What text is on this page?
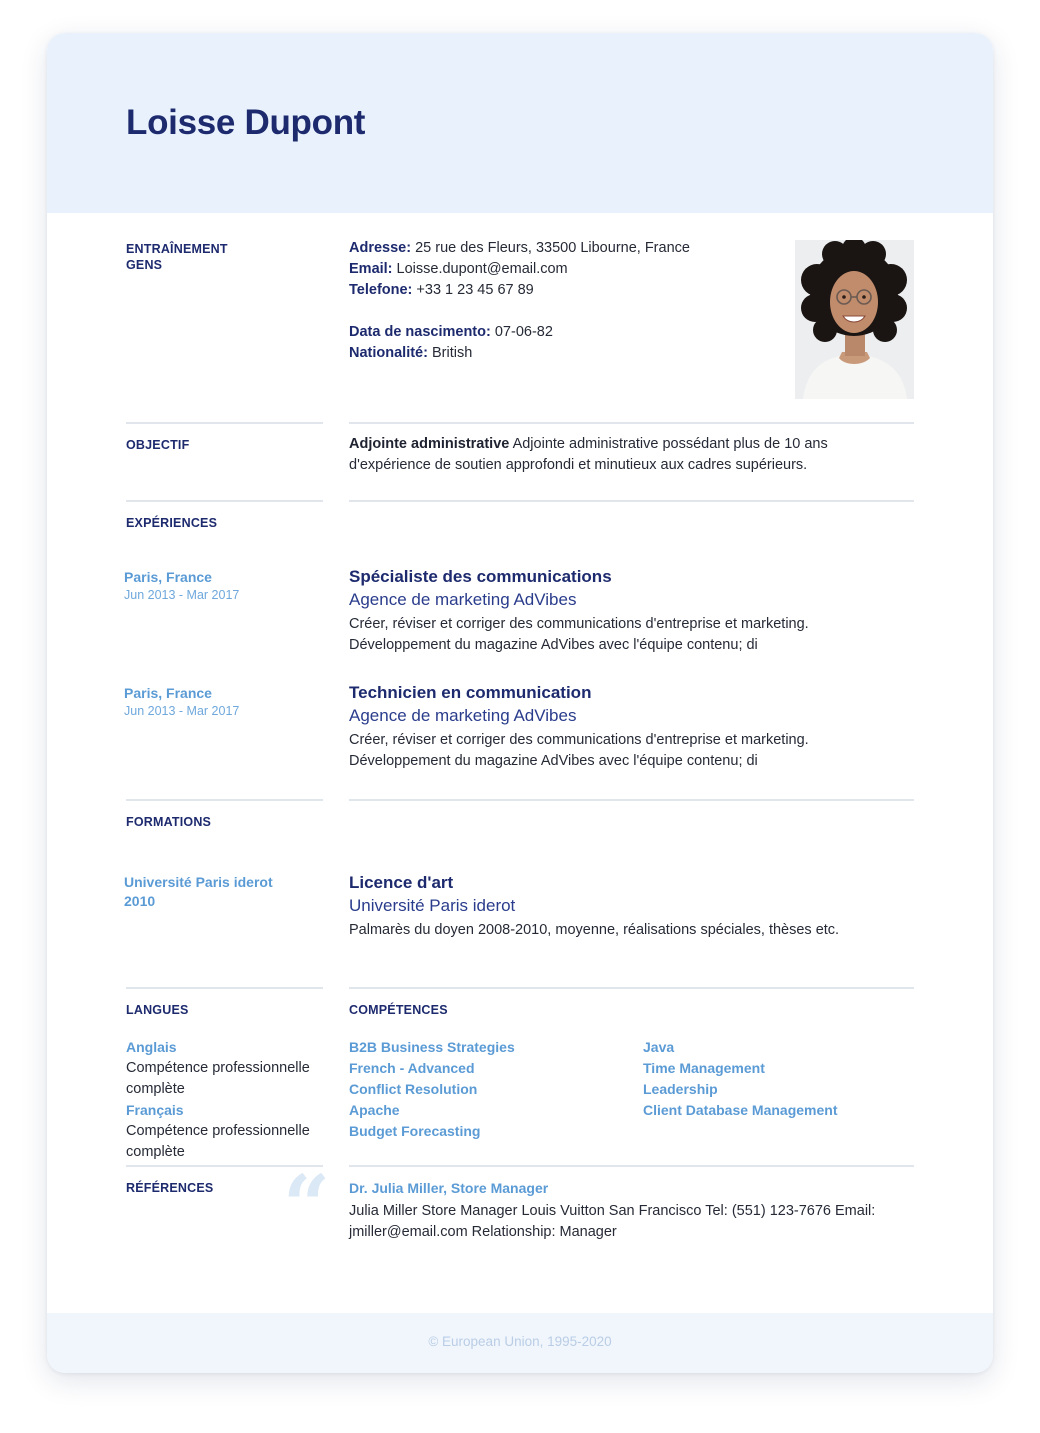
Loisse Dupont
ENTRAÎNEMENT
GENS
Adresse: 25 rue des Fleurs, 33500 Libourne, France
Email: Loisse.dupont@email.com
Telefone: +33 1 23 45 67 89
Data de nascimento: 07-06-82
Nationalité: British
OBJECTIF	Adjointe administrative Adjointe administrative possédant plus de 10 ans
d'expérience de soutien approfondi et minutieux aux cadres supérieurs.
EXPÉRIENCES
Paris, France
Jun 2013 - Mar 2017
Spécialiste des communications
Agence de marketing AdVibes
Créer, réviser et corriger des communications d'entreprise et marketing.
Développement du magazine AdVibes avec l'équipe contenu; di
Paris, France
Jun 2013 - Mar 2017
Technicien en communication
Agence de marketing AdVibes
Créer, réviser et corriger des communications d'entreprise et marketing.
Développement du magazine AdVibes avec l'équipe contenu; di
FORMATIONS
Université Paris iderot
2010
Licence d'art
Université Paris iderot
Palmarès du doyen 2008-2010, moyenne, réalisations spéciales, thèses etc.
LANGUES	COMPÉTENCES
Anglais
Compétence professionnelle
complète
Français
Compétence professionnelle
complète
B2B Business Strategies
French - Advanced
Conflict Resolution
Apache
Budget Forecasting
Java
Time Management
Leadership
Client Database Management
RÉFÉRENCES “ Dr. Julia Miller, Store Manager
Julia Miller Store Manager Louis Vuitton San Francisco Tel: (551) 123-7676 Email:
jmiller@email.com Relationship: Manager
© European Union, 1995-2020
